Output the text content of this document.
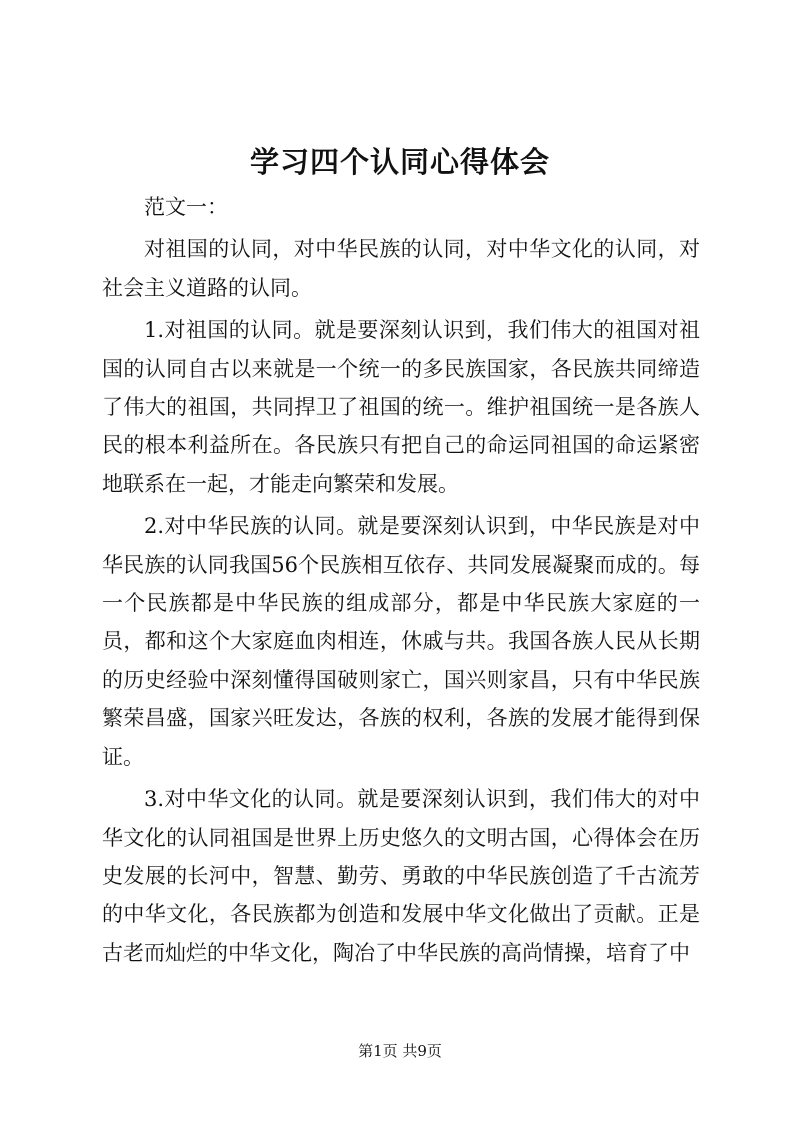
学习四个认同心得体会

范文一：

对祖国的认同，对中华民族的认同，对中华文化的认同，对社会主义道路的认同。

1.对祖国的认同。就是要深刻认识到，我们伟大的祖国对祖国的认同自古以来就是一个统一的多民族国家，各民族共同缔造了伟大的祖国，共同捍卫了祖国的统一。维护祖国统一是各族人民的根本利益所在。各民族只有把自己的命运同祖国的命运紧密地联系在一起，才能走向繁荣和发展。

2.对中华民族的认同。就是要深刻认识到，中华民族是对中华民族的认同我国56个民族相互依存、共同发展凝聚而成的。每一个民族都是中华民族的组成部分，都是中华民族大家庭的一员，都和这个大家庭血肉相连，休戚与共。我国各族人民从长期的历史经验中深刻懂得国破则家亡，国兴则家昌，只有中华民族繁荣昌盛，国家兴旺发达，各族的权利，各族的发展才能得到保证。

3.对中华文化的认同。就是要深刻认识到，我们伟大的对中华文化的认同祖国是世界上历史悠久的文明古国，心得体会在历史发展的长河中，智慧、勤劳、勇敢的中华民族创造了千古流芳的中华文化，各民族都为创造和发展中华文化做出了贡献。正是古老而灿烂的中华文化，陶冶了中华民族的高尚情操，培育了中

第1页 共9页
